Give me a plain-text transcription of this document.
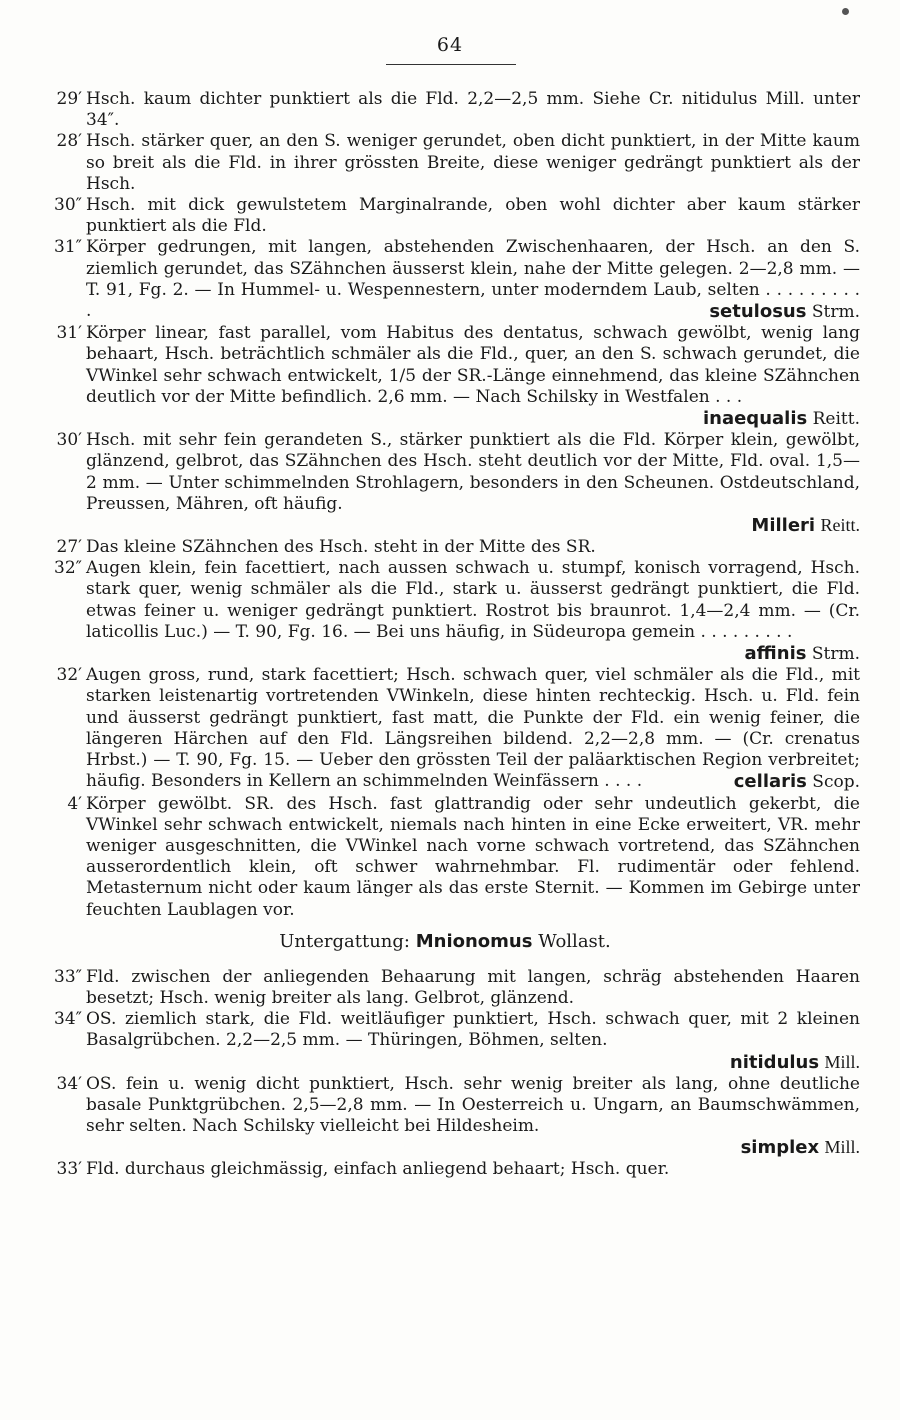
64
29′ Hsch. kaum dichter punktiert als die Fld. 2,2—2,5 mm. Siehe Cr. nitidulus Mill. unter 34″.
28′ Hsch. stärker quer, an den S. weniger gerundet, oben dicht punktiert, in der Mitte kaum so breit als die Fld. in ihrer grössten Breite, diese weniger gedrängt punktiert als der Hsch.
30″ Hsch. mit dick gewulstetem Marginalrande, oben wohl dichter aber kaum stärker punktiert als die Fld.
31″ Körper gedrungen, mit langen, abstehenden Zwischenhaaren, der Hsch. an den S. ziemlich gerundet, das SZähnchen äusserst klein, nahe der Mitte gelegen. 2—2,8 mm. — T. 91, Fg. 2. — In Hummel- u. Wespennestern, unter moderndem Laub, selten . . . . . . . . . .	setulosus Strm.
31′ Körper linear, fast parallel, vom Habitus des dentatus, schwach gewölbt, wenig lang behaart, Hsch. beträchtlich schmäler als die Fld., quer, an den S. schwach gerundet, die VWinkel sehr schwach entwickelt, 1/5 der SR.-Länge einnehmend, das kleine SZähnchen deutlich vor der Mitte befindlich. 2,6 mm. — Nach Schilsky in Westfalen . . .
inaequalis Reitt.
30′ Hsch. mit sehr fein gerandeten S., stärker punktiert als die Fld. Körper klein, gewölbt, glänzend, gelbrot, das SZähnchen des Hsch. steht deutlich vor der Mitte, Fld. oval. 1,5—2 mm. — Unter schimmelnden Strohlagern, besonders in den Scheunen. Ostdeutschland, Preussen, Mähren, oft häufig.
Milleri Reitt.
27′ Das kleine SZähnchen des Hsch. steht in der Mitte des SR.
32″ Augen klein, fein facettiert, nach aussen schwach u. stumpf, konisch vorragend, Hsch. stark quer, wenig schmäler als die Fld., stark u. äusserst gedrängt punktiert, die Fld. etwas feiner u. weniger gedrängt punktiert. Rostrot bis braunrot. 1,4—2,4 mm. — (Cr. laticollis Luc.) — T. 90, Fg. 16. — Bei uns häufig, in Südeuropa gemein . . . . . . . . .
affinis Strm.
32′ Augen gross, rund, stark facettiert; Hsch. schwach quer, viel schmäler als die Fld., mit starken leistenartig vortretenden VWinkeln, diese hinten rechteckig. Hsch. u. Fld. fein und äusserst gedrängt punktiert, fast matt, die Punkte der Fld. ein wenig feiner, die längeren Härchen auf den Fld. Längsreihen bildend. 2,2—2,8 mm. — (Cr. crenatus Hrbst.) — T. 90, Fg. 15. — Ueber den grössten Teil der paläarktischen Region verbreitet; häufig. Besonders in Kellern an schimmelnden Weinfässern . . . .	cellaris Scop.
4′ Körper gewölbt. SR. des Hsch. fast glattrandig oder sehr undeutlich gekerbt, die VWinkel sehr schwach entwickelt, niemals nach hinten in eine Ecke erweitert, VR. mehr weniger ausgeschnitten, die VWinkel nach vorne schwach vortretend, das SZähnchen ausserordentlich klein, oft schwer wahrnehmbar. Fl. rudimentär oder fehlend. Metasternum nicht oder kaum länger als das erste Sternit. — Kommen im Gebirge unter feuchten Laublagen vor.
Untergattung: Mnionomus Wollast.
33″ Fld. zwischen der anliegenden Behaarung mit langen, schräg abstehenden Haaren besetzt; Hsch. wenig breiter als lang. Gelbrot, glänzend.
34″ OS. ziemlich stark, die Fld. weitläufiger punktiert, Hsch. schwach quer, mit 2 kleinen Basalgrübchen. 2,2—2,5 mm. — Thüringen, Böhmen, selten.
nitidulus Mill.
34′ OS. fein u. wenig dicht punktiert, Hsch. sehr wenig breiter als lang, ohne deutliche basale Punktgrübchen. 2,5—2,8 mm. — In Oesterreich u. Ungarn, an Baumschwämmen, sehr selten. Nach Schilsky vielleicht bei Hildesheim.
simplex Mill.
33′ Fld. durchaus gleichmässig, einfach anliegend behaart; Hsch. quer.
